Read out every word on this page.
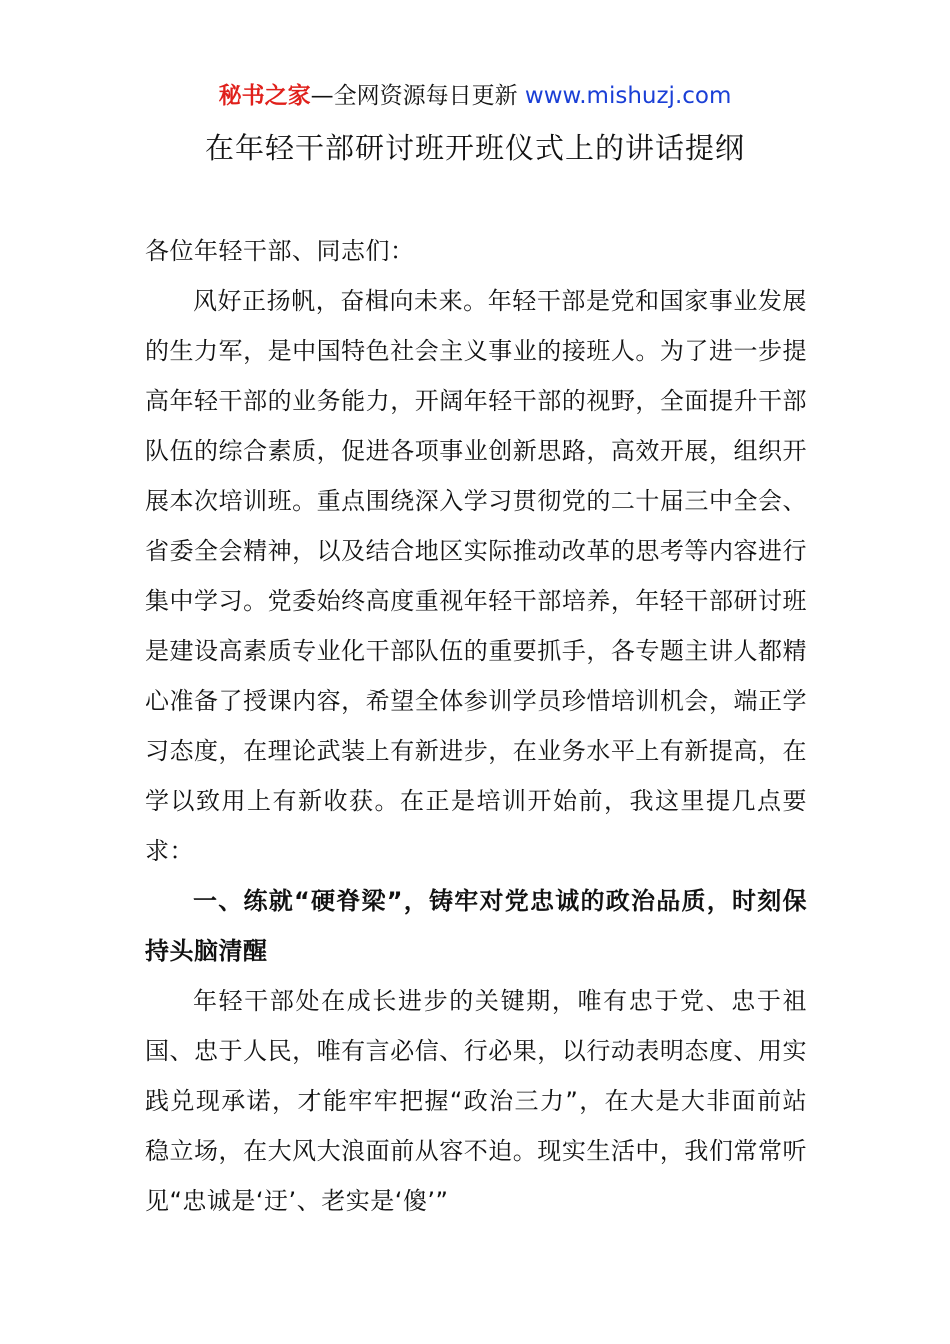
秘书之家—全网资源每日更新 www.mishuzj.com
在年轻干部研讨班开班仪式上的讲话提纲

各位年轻干部、同志们：

风好正扬帆，奋楫向未来。年轻干部是党和国家事业发展的生力军，是中国特色社会主义事业的接班人。为了进一步提高年轻干部的业务能力，开阔年轻干部的视野，全面提升干部队伍的综合素质，促进各项事业创新思路，高效开展，组织开展本次培训班。重点围绕深入学习贯彻党的二十届三中全会、省委全会精神，以及结合地区实际推动改革的思考等内容进行集中学习。党委始终高度重视年轻干部培养，年轻干部研讨班是建设高素质专业化干部队伍的重要抓手，各专题主讲人都精心准备了授课内容，希望全体参训学员珍惜培训机会，端正学习态度，在理论武装上有新进步，在业务水平上有新提高，在学以致用上有新收获。在正是培训开始前，我这里提几点要求：

一、练就“硬脊梁”，铸牢对党忠诚的政治品质，时刻保持头脑清醒

年轻干部处在成长进步的关键期，唯有忠于党、忠于祖国、忠于人民，唯有言必信、行必果，以行动表明态度、用实践兑现承诺，才能牢牢把握“政治三力”，在大是大非面前站稳立场，在大风大浪面前从容不迫。现实生活中，我们常常听见“忠诚是‘迂’、老实是‘傻’”
